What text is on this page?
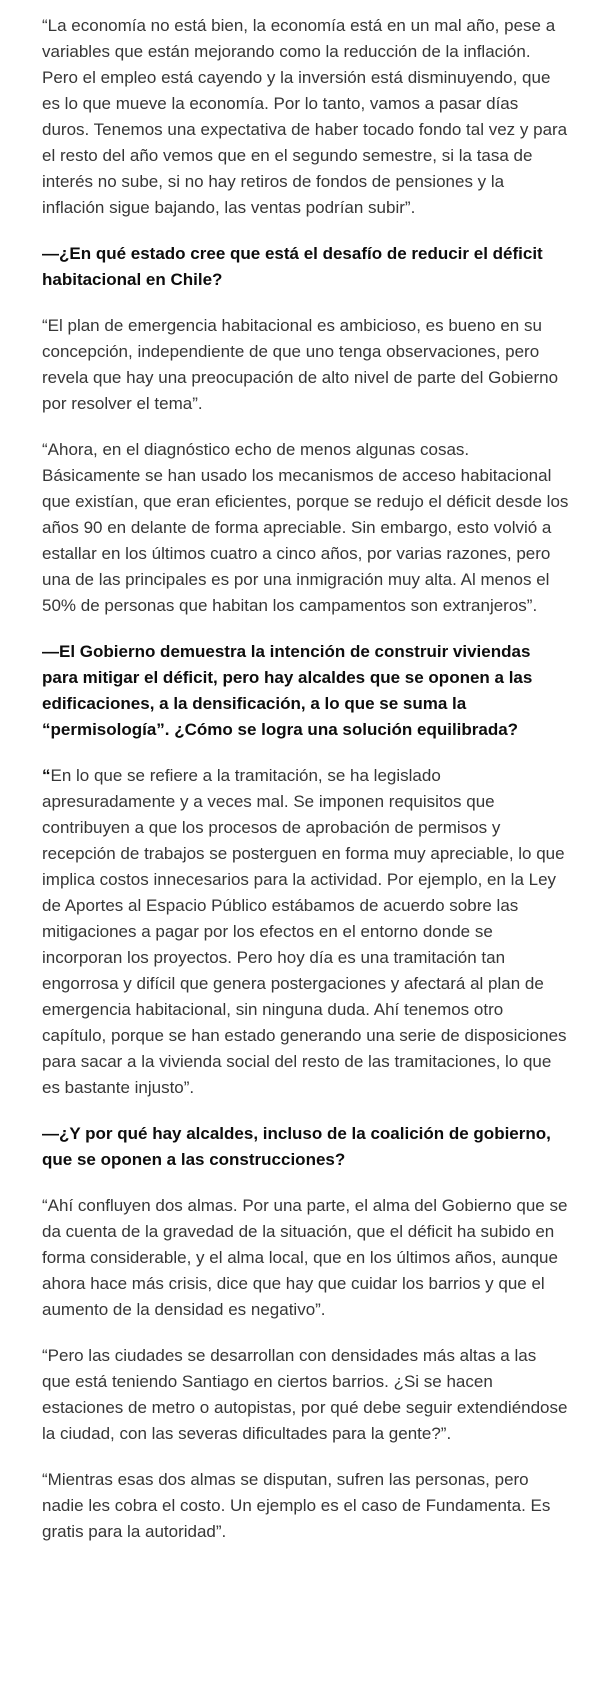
“La economía no está bien, la economía está en un mal año, pese a variables que están mejorando como la reducción de la inflación. Pero el empleo está cayendo y la inversión está disminuyendo, que es lo que mueve la economía. Por lo tanto, vamos a pasar días duros. Tenemos una expectativa de haber tocado fondo tal vez y para el resto del año vemos que en el segundo semestre, si la tasa de interés no sube, si no hay retiros de fondos de pensiones y la inflación sigue bajando, las ventas podrían subir”.

—¿En qué estado cree que está el desafío de reducir el déficit habitacional en Chile?

“El plan de emergencia habitacional es ambicioso, es bueno en su concepción, independiente de que uno tenga observaciones, pero revela que hay una preocupación de alto nivel de parte del Gobierno por resolver el tema”.

“Ahora, en el diagnóstico echo de menos algunas cosas. Básicamente se han usado los mecanismos de acceso habitacional que existían, que eran eficientes, porque se redujo el déficit desde los años 90 en delante de forma apreciable. Sin embargo, esto volvió a estallar en los últimos cuatro a cinco años, por varias razones, pero una de las principales es por una inmigración muy alta. Al menos el 50% de personas que habitan los campamentos son extranjeros”.

—El Gobierno demuestra la intención de construir viviendas para mitigar el déficit, pero hay alcaldes que se oponen a las edificaciones, a la densificación, a lo que se suma la “permisología”. ¿Cómo se logra una solución equilibrada?

“En lo que se refiere a la tramitación, se ha legislado apresuradamente y a veces mal. Se imponen requisitos que contribuyen a que los procesos de aprobación de permisos y recepción de trabajos se posterguen en forma muy apreciable, lo que implica costos innecesarios para la actividad. Por ejemplo, en la Ley de Aportes al Espacio Público estábamos de acuerdo sobre las mitigaciones a pagar por los efectos en el entorno donde se incorporan los proyectos. Pero hoy día es una tramitación tan engorrosa y difícil que genera postergaciones y afectará al plan de emergencia habitacional, sin ninguna duda. Ahí tenemos otro capítulo, porque se han estado generando una serie de disposiciones para sacar a la vivienda social del resto de las tramitaciones, lo que es bastante injusto”.

—¿Y por qué hay alcaldes, incluso de la coalición de gobierno, que se oponen a las construcciones?

“Ahí confluyen dos almas. Por una parte, el alma del Gobierno que se da cuenta de la gravedad de la situación, que el déficit ha subido en forma considerable, y el alma local, que en los últimos años, aunque ahora hace más crisis, dice que hay que cuidar los barrios y que el aumento de la densidad es negativo”.

“Pero las ciudades se desarrollan con densidades más altas a las que está teniendo Santiago en ciertos barrios. ¿Si se hacen estaciones de metro o autopistas, por qué debe seguir extendiéndose la ciudad, con las severas dificultades para la gente?”.

“Mientras esas dos almas se disputan, sufren las personas, pero nadie les cobra el costo. Un ejemplo es el caso de Fundamenta. Es gratis para la autoridad”.
